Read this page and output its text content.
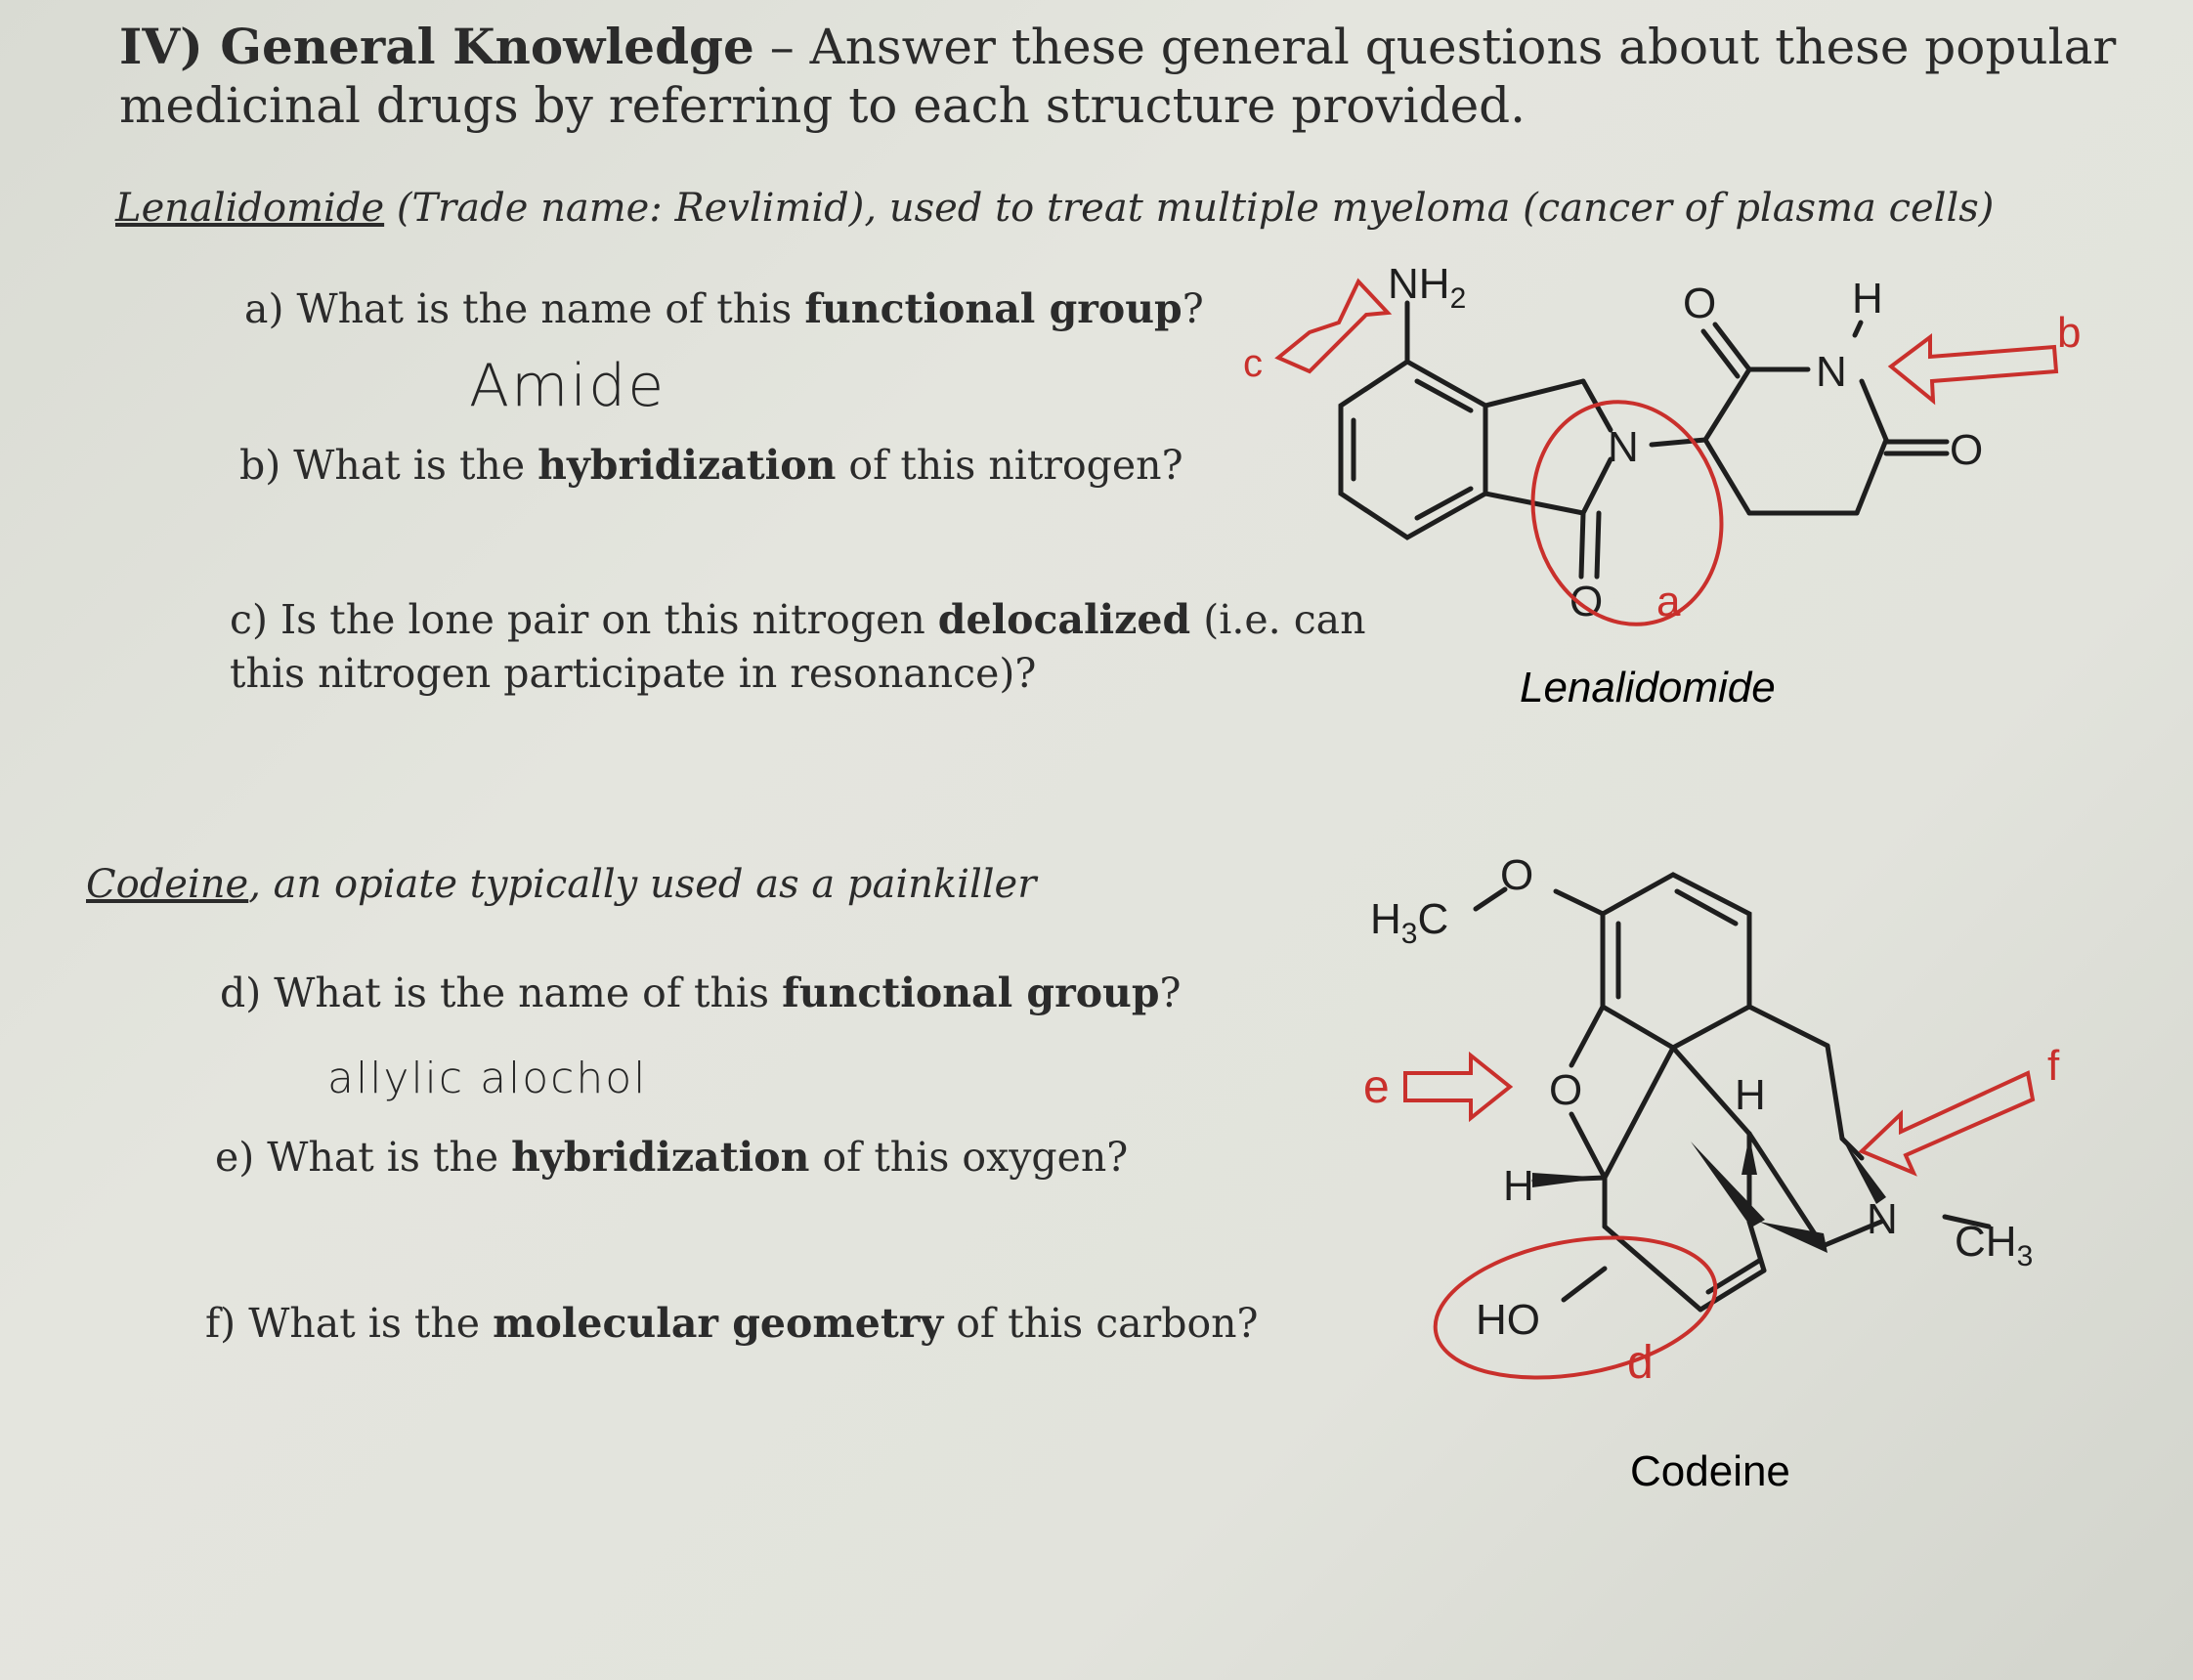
IV) General Knowledge – Answer these general questions about these popular
medicinal drugs by referring to each structure provided.
Lenalidomide (Trade name: Revlimid), used to treat multiple myeloma (cancer of plasma cells)
a) What is the name of this functional group?
Amide
b) What is the hybridization of this nitrogen?
c) Is the lone pair on this nitrogen delocalized (i.e. can
this nitrogen participate in resonance)?
Codeine, an opiate typically used as a painkiller
d) What is the name of this functional group?
allylic alochol
e) What is the hybridization of this oxygen?
f) What is the molecular geometry of this carbon?
$NH_2$	O	H
N
N	O
O a
c
b
Lenalidomide
$H_3C$
O
O	H
H
HO
N $CH_3$
d
e	f
Codeine
